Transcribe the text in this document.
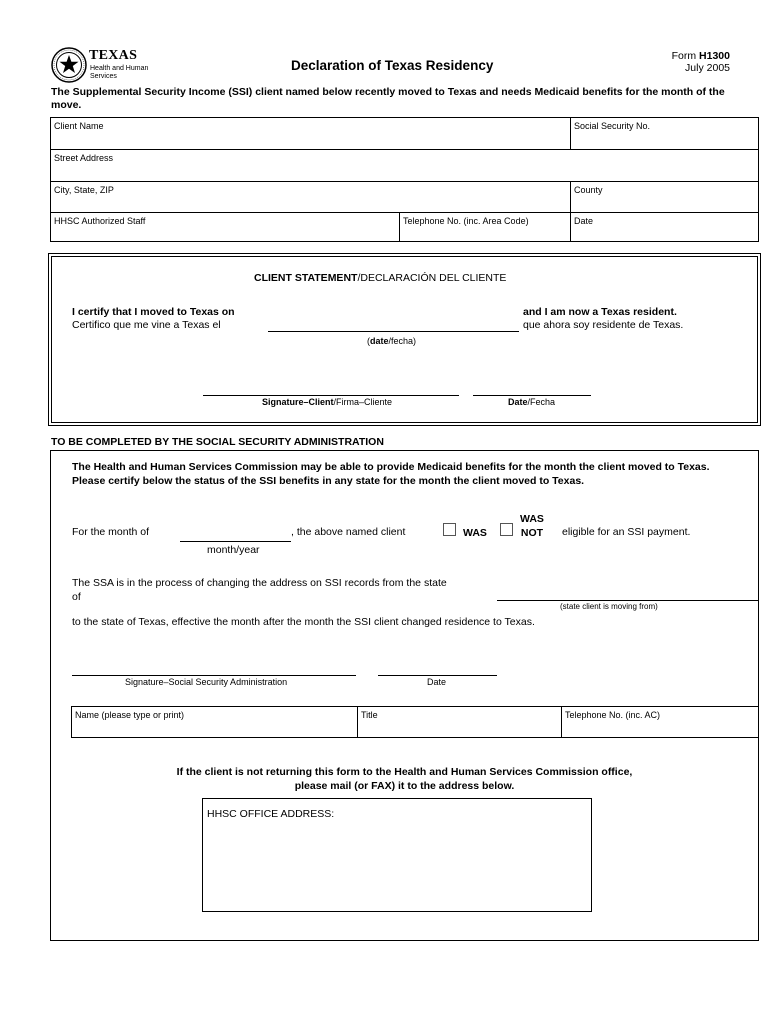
TEXAS
Health and Human
Services
Declaration of Texas Residency
Form H1300
July 2005
The Supplemental Security Income (SSI) client named below recently moved to Texas and needs Medicaid benefits for the month of the move.
Client Name	Social Security No.
Street Address
City, State, ZIP	County
HHSC Authorized Staff	Telephone No. (inc. Area Code)	Date
CLIENT STATEMENT/DECLARACIÓN DEL CLIENTE
I certify that I moved to Texas on
Certifico que me vine a Texas el
and I am now a Texas resident.
que ahora soy residente de Texas.
(date/fecha)
Signature–Client/Firma–Cliente	Date/Fecha
TO BE COMPLETED BY THE SOCIAL SECURITY ADMINISTRATION
The Health and Human Services Commission may be able to provide Medicaid benefits for the month the client moved to Texas. Please certify below the status of the SSI benefits in any state for the month the client moved to Texas.
For the month of	, the above named client
month/year
WAS
WAS
NOT eligible for an SSI payment.
The SSA is in the process of changing the address on SSI records from the state
of
(state client is moving from)
to the state of Texas, effective the month after the month the SSI client changed residence to Texas.
Signature–Social Security Administration	Date
Name (please type or print)	Title	Telephone No. (inc. AC)
If the client is not returning this form to the Health and Human Services Commission office,
please mail (or FAX) it to the address below.
HHSC OFFICE ADDRESS:
